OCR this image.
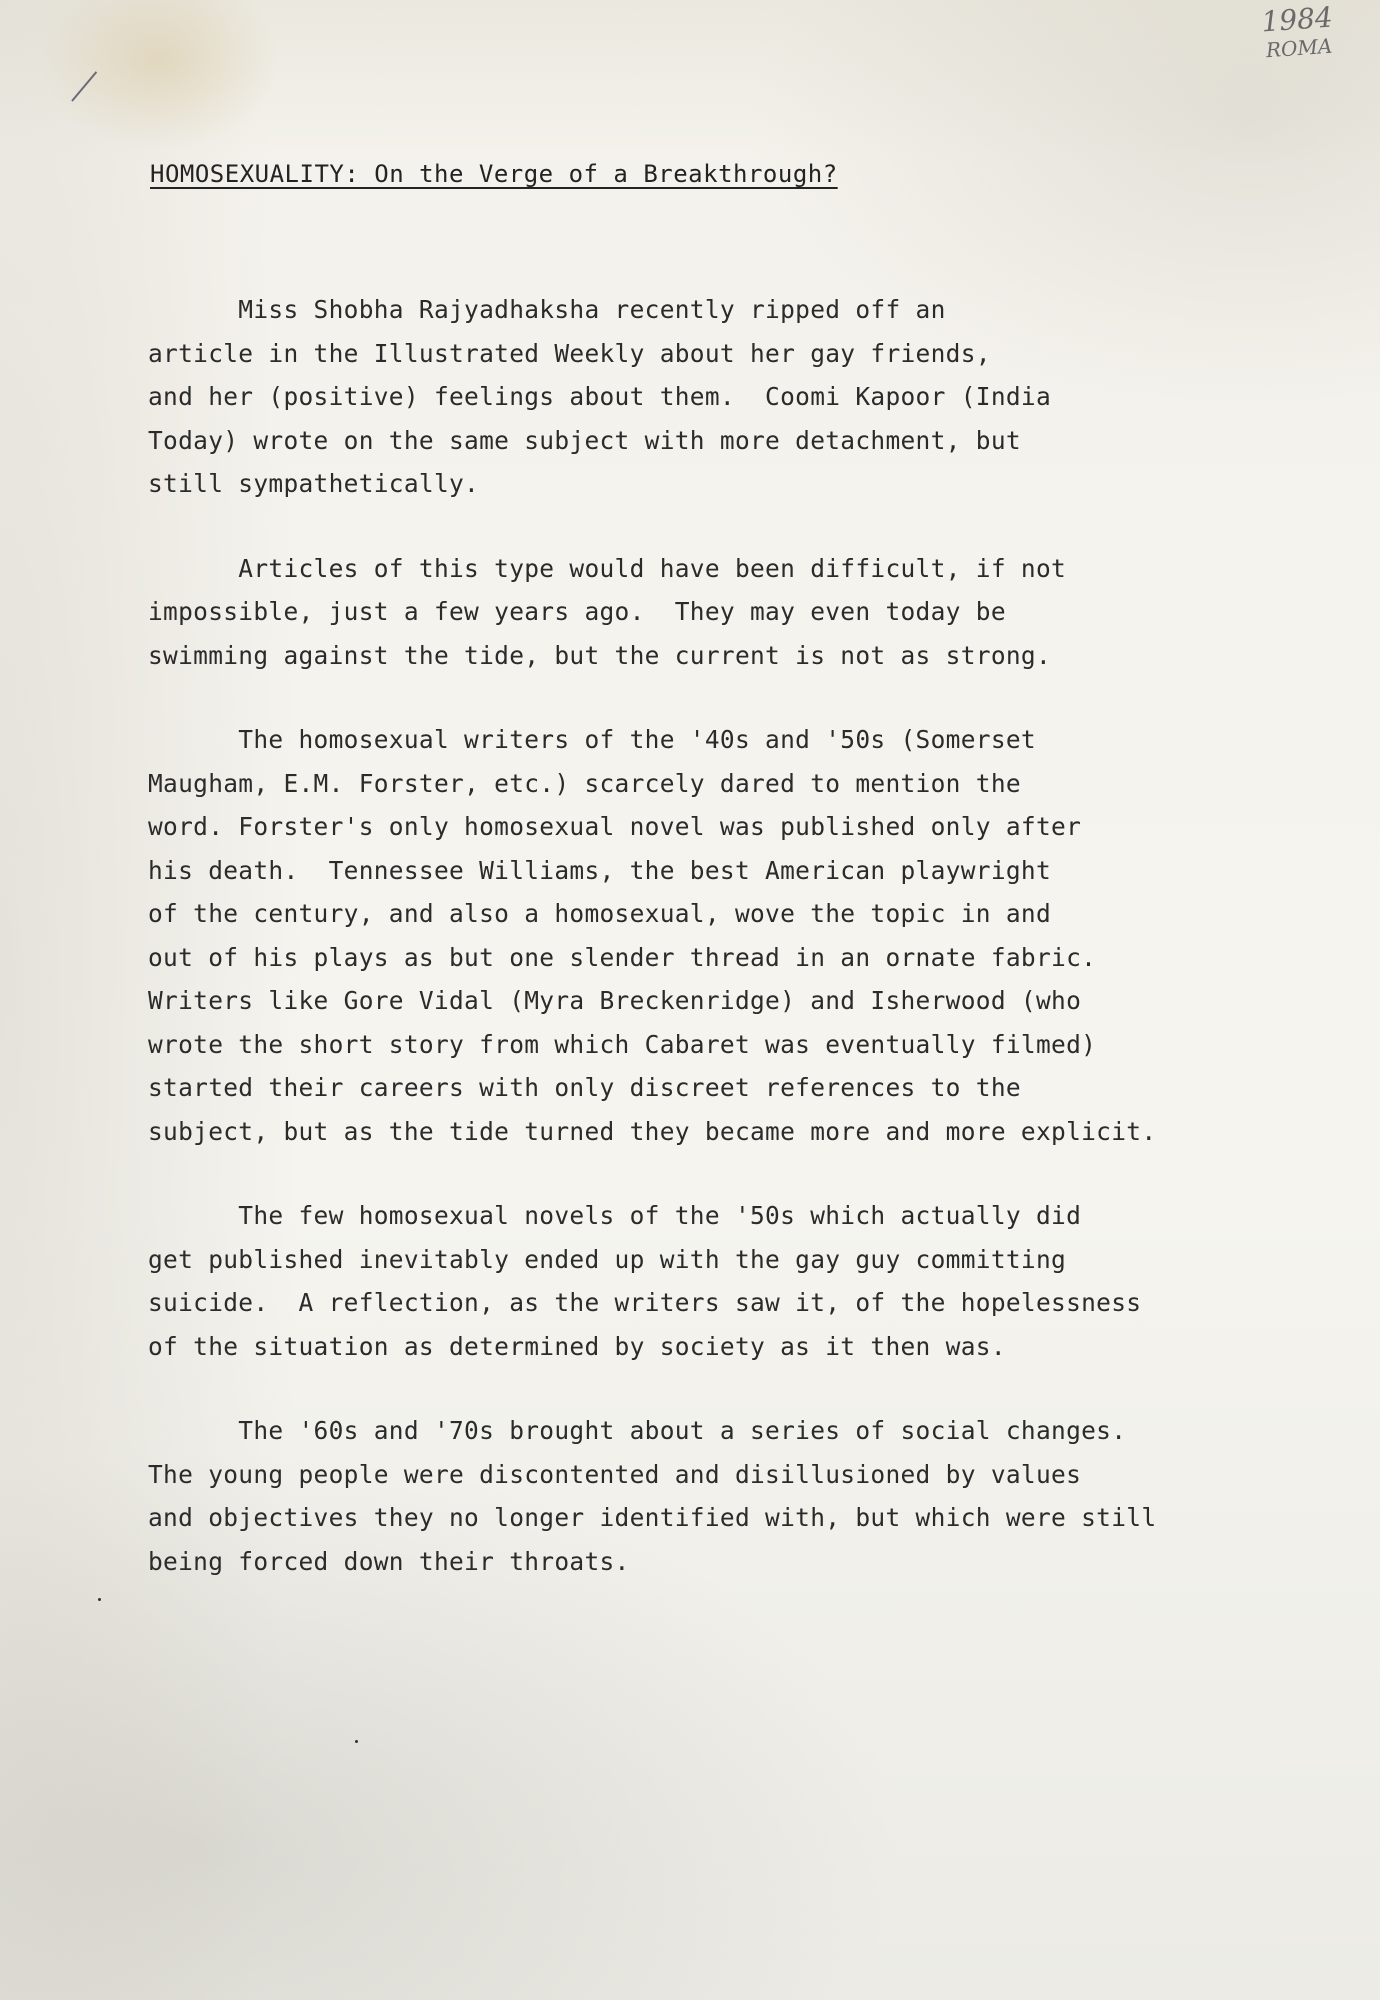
1984
ROMA
HOMOSEXUALITY: On the Verge of a Breakthrough?

Miss Shobha Rajyadhaksha recently ripped off an
article in the Illustrated Weekly about her gay friends,
and her (positive) feelings about them.  Coomi Kapoor (India
Today) wrote on the same subject with more detachment, but
still sympathetically.

Articles of this type would have been difficult, if not
impossible, just a few years ago.  They may even today be
swimming against the tide, but the current is not as strong.

The homosexual writers of the '40s and '50s (Somerset
Maugham, E.M. Forster, etc.) scarcely dared to mention the
word. Forster's only homosexual novel was published only after
his death.  Tennessee Williams, the best American playwright
of the century, and also a homosexual, wove the topic in and
out of his plays as but one slender thread in an ornate fabric.
Writers like Gore Vidal (Myra Breckenridge) and Isherwood (who
wrote the short story from which Cabaret was eventually filmed)
started their careers with only discreet references to the
subject, but as the tide turned they became more and more explicit.

The few homosexual novels of the '50s which actually did
get published inevitably ended up with the gay guy committing
suicide.  A reflection, as the writers saw it, of the hopelessness
of the situation as determined by society as it then was.

The '60s and '70s brought about a series of social changes.
The young people were discontented and disillusioned by values
and objectives they no longer identified with, but which were still
being forced down their throats.
